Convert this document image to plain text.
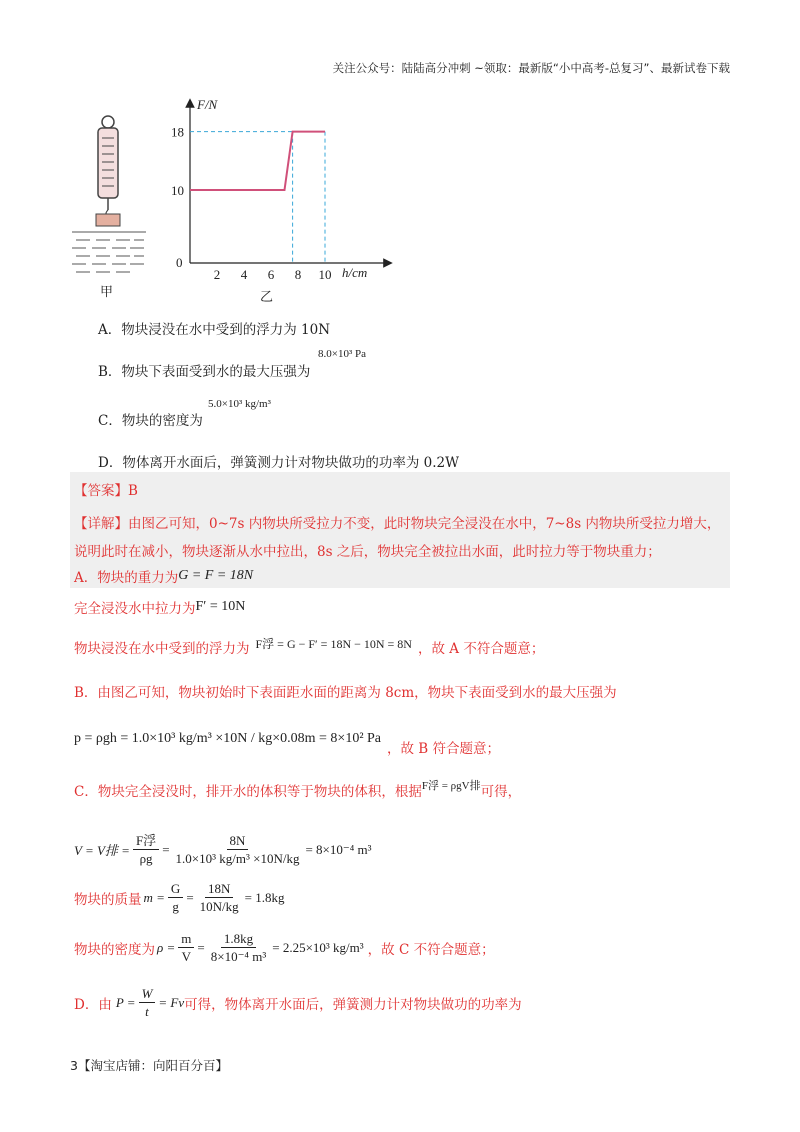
关注公众号：陆陆高分冲刺 ~领取：最新版“小中高考-总复习”、最新试卷下载
甲
F/N
h/cm
0
10
18
2 4 6 8 10
乙
A．物块浸没在水中受到的浮力为 10N
B．物块下表面受到水的最大压强为
8.0×10³ Pa
C．物块的密度为
5.0×10³ kg/m³
D．物体离开水面后，弹簧测力计对物块做功的功率为 0.2W
【答案】B
【详解】由图乙可知，0~7s 内物块所受拉力不变，此时物块完全浸没在水中，7~8s 内物块所受拉力增大，
说明此时在减小，物块逐渐从水中拉出，8s 之后，物块完全被拉出水面，此时拉力等于物块重力；
A．物块的重力为 G = F = 18N
完全浸没水中拉力为 F′ = 10N
物块浸没在水中受到的浮力为 F浮 = G − F′ = 18N − 10N = 8N ，故 A 不符合题意；
B．由图乙可知，物块初始时下表面距水面的距离为 8cm，物块下表面受到水的最大压强为
p = ρgh = 1.0×10³ kg/m³ ×10N / kg×0.08m = 8×10² Pa
，故 B 符合题意；
C．物块完全浸没时，排开水的体积等于物块的体积，根据 F浮 = ρgV排 可得，
V = V排 = $\frac{\text{F浮}}{\rho g} = \frac{8N}{\text{1.0×10³ kg/m³ ×10N/kg}} = 8\times 10^{-4}$ m³
物块的质量 $m = \frac{G}{g} = \frac{18N}{10N/kg} = 1.8kg$
物块的密度为 $\rho = \frac{m}{V} = \frac{1.8kg}{\text{8×10⁻⁴ m³}} = 2.25\times 10^3$ kg/m³ ，故 C 不符合题意；
D．由 $P = \frac{W}{t} = Fv$ 可得，物体离开水面后，弹簧测力计对物块做功的功率为
3【淘宝店铺：向阳百分百】
